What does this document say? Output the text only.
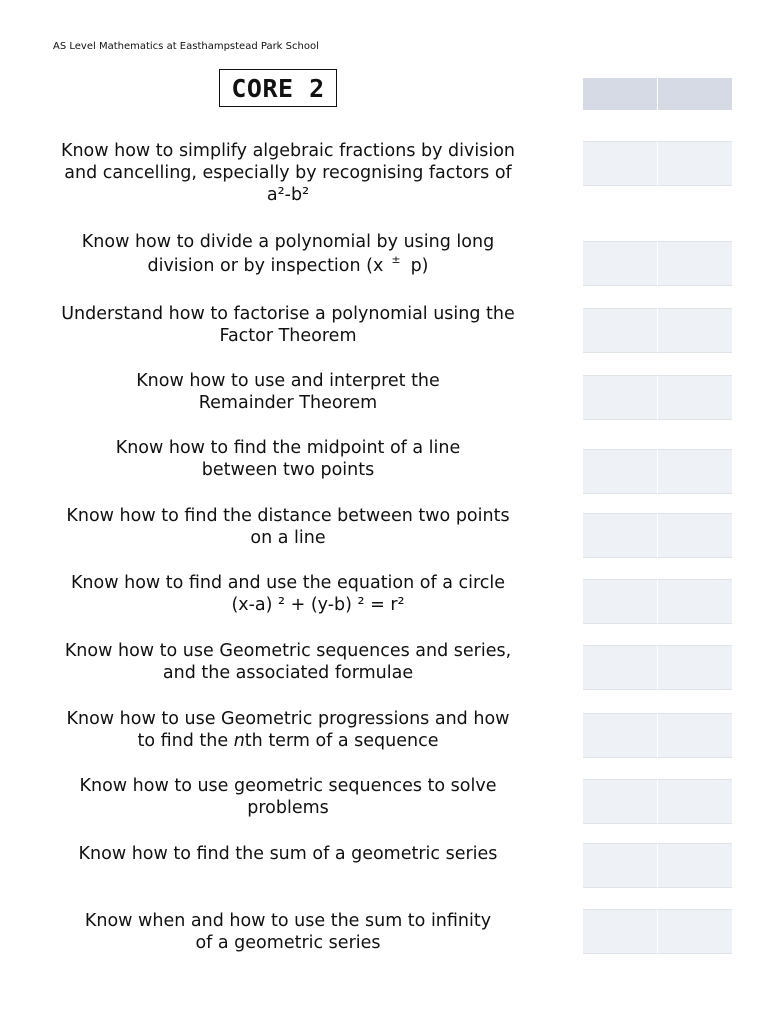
AS Level Mathematics at Easthampstead Park School
CORE 2
Know how to simplify algebraic fractions by division and cancelling, especially by recognising factors of a²-b²
Know how to divide a polynomial by using long division or by inspection (x ± p)
Understand how to factorise a polynomial using the Factor Theorem
Know how to use and interpret the Remainder Theorem
Know how to find the midpoint of a line between two points
Know how to find the distance between two points on a line
Know how to find and use the equation of a circle(x-a) ² + (y-b) ² = r²
Know how to use Geometric sequences and series, and the associated formulae
Know how to use Geometric progressions and how to find the nth term of a sequence
Know how to use geometric sequences to solve problems
Know how to find the sum of a geometric series
Know when and how to use the sum to infinity of a geometric series
